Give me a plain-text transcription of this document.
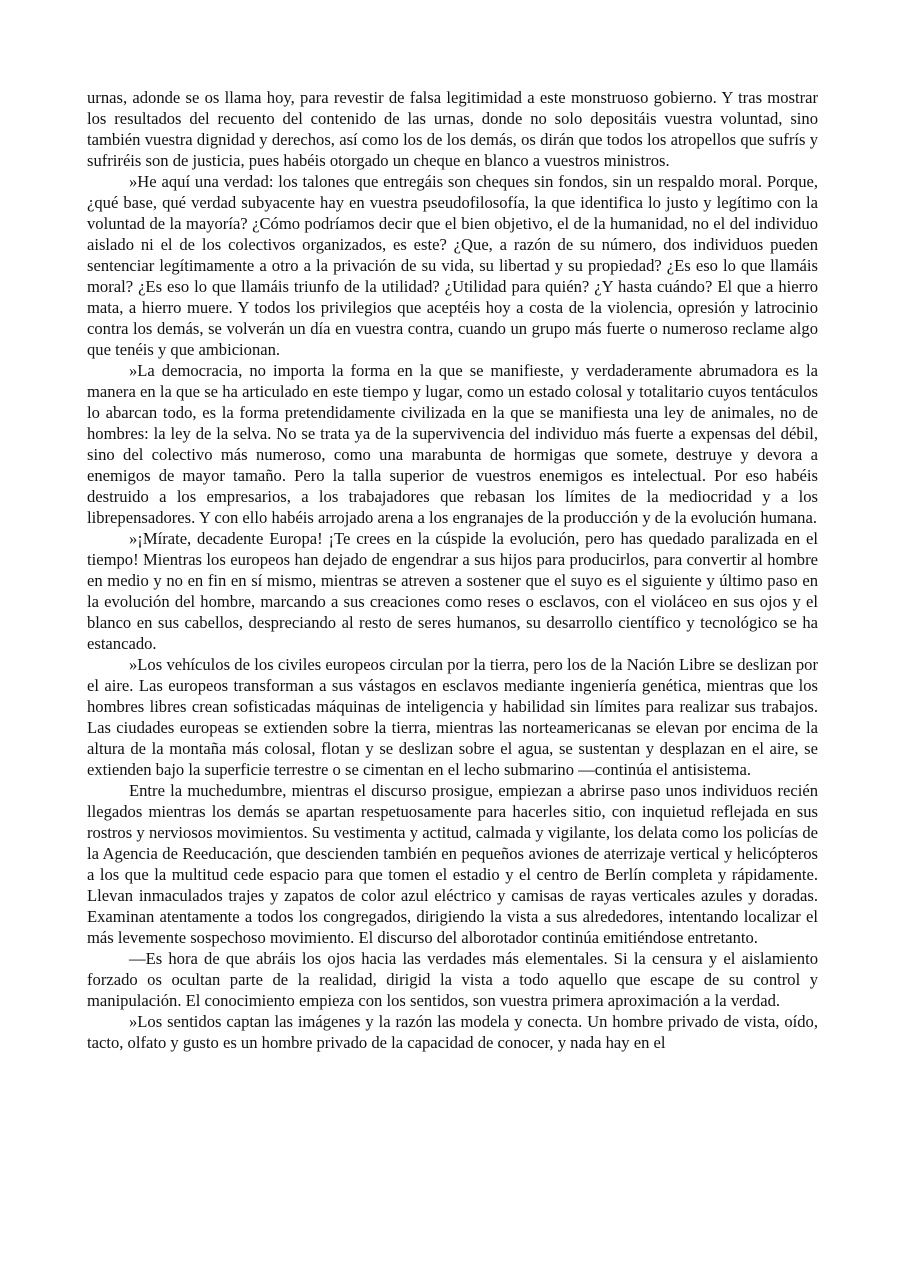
urnas, adonde se os llama hoy, para revestir de falsa legitimidad a este monstruoso gobierno. Y tras mostrar los resultados del recuento del contenido de las urnas, donde no solo depositáis vuestra voluntad, sino también vuestra dignidad y derechos, así como los de los demás, os dirán que todos los atropellos que sufrís y sufriréis son de justicia, pues habéis otorgado un cheque en blanco a vuestros ministros.

»He aquí una verdad: los talones que entregáis son cheques sin fondos, sin un respaldo moral. Porque, ¿qué base, qué verdad subyacente hay en vuestra pseudofilosofía, la que identifica lo justo y legítimo con la voluntad de la mayoría? ¿Cómo podríamos decir que el bien objetivo, el de la humanidad, no el del individuo aislado ni el de los colectivos organizados, es este? ¿Que, a razón de su número, dos individuos pueden sentenciar legítimamente a otro a la privación de su vida, su libertad y su propiedad? ¿Es eso lo que llamáis moral? ¿Es eso lo que llamáis triunfo de la utilidad? ¿Utilidad para quién? ¿Y hasta cuándo? El que a hierro mata, a hierro muere. Y todos los privilegios que aceptéis hoy a costa de la violencia, opresión y latrocinio contra los demás, se volverán un día en vuestra contra, cuando un grupo más fuerte o numeroso reclame algo que tenéis y que ambicionan.

»La democracia, no importa la forma en la que se manifieste, y verdaderamente abrumadora es la manera en la que se ha articulado en este tiempo y lugar, como un estado colosal y totalitario cuyos tentáculos lo abarcan todo, es la forma pretendidamente civilizada en la que se manifiesta una ley de animales, no de hombres: la ley de la selva. No se trata ya de la supervivencia del individuo más fuerte a expensas del débil, sino del colectivo más numeroso, como una marabunta de hormigas que somete, destruye y devora a enemigos de mayor tamaño. Pero la talla superior de vuestros enemigos es intelectual. Por eso habéis destruido a los empresarios, a los trabajadores que rebasan los límites de la mediocridad y a los librepensadores. Y con ello habéis arrojado arena a los engranajes de la producción y de la evolución humana.

»¡Mírate, decadente Europa! ¡Te crees en la cúspide la evolución, pero has quedado paralizada en el tiempo! Mientras los europeos han dejado de engendrar a sus hijos para producirlos, para convertir al hombre en medio y no en fin en sí mismo, mientras se atreven a sostener que el suyo es el siguiente y último paso en la evolución del hombre, marcando a sus creaciones como reses o esclavos, con el violáceo en sus ojos y el blanco en sus cabellos, despreciando al resto de seres humanos, su desarrollo científico y tecnológico se ha estancado.

»Los vehículos de los civiles europeos circulan por la tierra, pero los de la Nación Libre se deslizan por el aire. Las europeos transforman a sus vástagos en esclavos mediante ingeniería genética, mientras que los hombres libres crean sofisticadas máquinas de inteligencia y habilidad sin límites para realizar sus trabajos. Las ciudades europeas se extienden sobre la tierra, mientras las norteamericanas se elevan por encima de la altura de la montaña más colosal, flotan y se deslizan sobre el agua, se sustentan y desplazan en el aire, se extienden bajo la superficie terrestre o se cimentan en el lecho submarino —continúa el antisistema.

Entre la muchedumbre, mientras el discurso prosigue, empiezan a abrirse paso unos individuos recién llegados mientras los demás se apartan respetuosamente para hacerles sitio, con inquietud reflejada en sus rostros y nerviosos movimientos. Su vestimenta y actitud, calmada y vigilante, los delata como los policías de la Agencia de Reeducación, que descienden también en pequeños aviones de aterrizaje vertical y helicópteros a los que la multitud cede espacio para que tomen el estadio y el centro de Berlín completa y rápidamente. Llevan inmaculados trajes y zapatos de color azul eléctrico y camisas de rayas verticales azules y doradas. Examinan atentamente a todos los congregados, dirigiendo la vista a sus alrededores, intentando localizar el más levemente sospechoso movimiento. El discurso del alborotador continúa emitiéndose entretanto.

—Es hora de que abráis los ojos hacia las verdades más elementales. Si la censura y el aislamiento forzado os ocultan parte de la realidad, dirigid la vista a todo aquello que escape de su control y manipulación. El conocimiento empieza con los sentidos, son vuestra primera aproximación a la verdad.

»Los sentidos captan las imágenes y la razón las modela y conecta. Un hombre privado de vista, oído, tacto, olfato y gusto es un hombre privado de la capacidad de conocer, y nada hay en el
